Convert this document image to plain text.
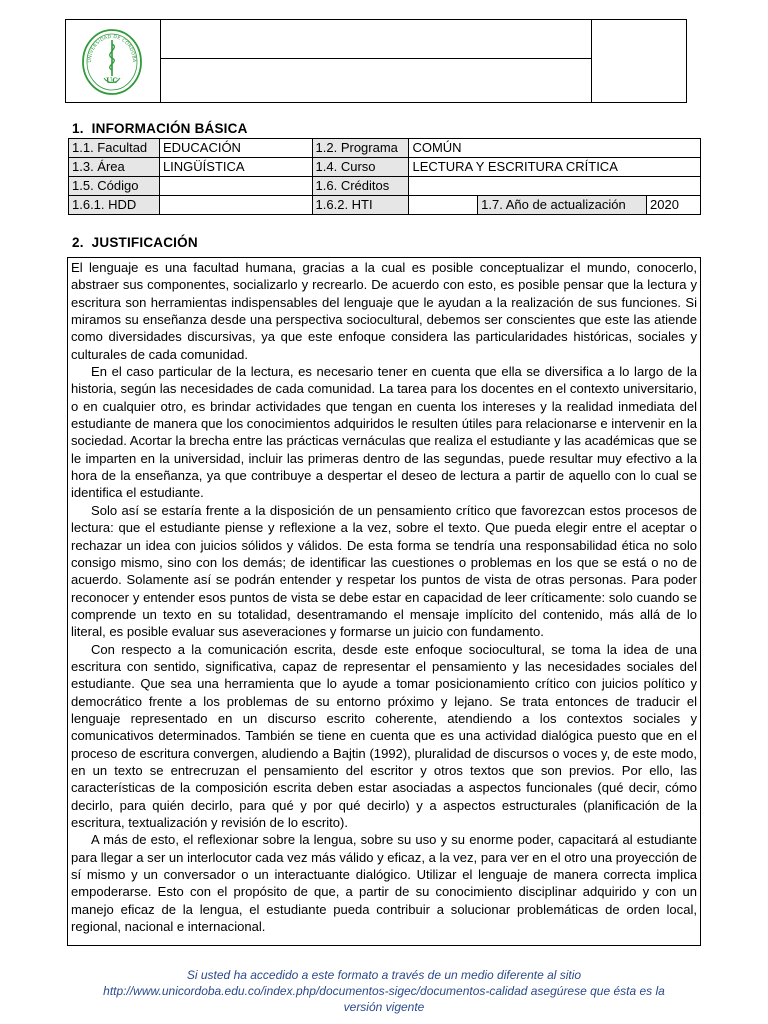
UNIVERSIDAD DE CÓRDOBA
UC
1. INFORMACIÓN BÁSICA
1.1. Facultad	EDUCACIÓN	1.2. Programa	COMÚN		
1.3. Área	LINGÜÍSTICA	1.4. Curso	LECTURA Y ESCRITURA CRÍTICA		
1.5. Código		1.6. Créditos			
1.6.1. HDD		1.6.2. HTI		1.7. Año de actualización	2020
2. JUSTIFICACIÓN

El lenguaje es una facultad humana, gracias a la cual es posible conceptualizar el mundo, conocerlo, abstraer sus componentes, socializarlo y recrearlo. De acuerdo con esto, es posible pensar que la lectura y escritura son herramientas indispensables del lenguaje que le ayudan a la realización de sus funciones. Si miramos su enseñanza desde una perspectiva sociocultural, debemos ser conscientes que este las atiende como diversidades discursivas, ya que este enfoque considera las particularidades históricas, sociales y culturales de cada comunidad.

En el caso particular de la lectura, es necesario tener en cuenta que ella se diversifica a lo largo de la historia, según las necesidades de cada comunidad. La tarea para los docentes en el contexto universitario, o en cualquier otro, es brindar actividades que tengan en cuenta los intereses y la realidad inmediata del estudiante de manera que los conocimientos adquiridos le resulten útiles para relacionarse e intervenir en la sociedad. Acortar la brecha entre las prácticas vernáculas que realiza el estudiante y las académicas que se le imparten en la universidad, incluir las primeras dentro de las segundas, puede resultar muy efectivo a la hora de la enseñanza, ya que contribuye a despertar el deseo de lectura a partir de aquello con lo cual se identifica el estudiante.

Solo así se estaría frente a la disposición de un pensamiento crítico que favorezcan estos procesos de lectura: que el estudiante piense y reflexione a la vez, sobre el texto. Que pueda elegir entre el aceptar o rechazar un idea con juicios sólidos y válidos. De esta forma se tendría una responsabilidad ética no solo consigo mismo, sino con los demás; de identificar las cuestiones o problemas en los que se está o no de acuerdo. Solamente así se podrán entender y respetar los puntos de vista de otras personas. Para poder reconocer y entender esos puntos de vista se debe estar en capacidad de leer críticamente: solo cuando se comprende un texto en su totalidad, desentramando el mensaje implícito del contenido, más allá de lo literal, es posible evaluar sus aseveraciones y formarse un juicio con fundamento.

Con respecto a la comunicación escrita, desde este enfoque sociocultural, se toma la idea de una escritura con sentido, significativa, capaz de representar el pensamiento y las necesidades sociales del estudiante. Que sea una herramienta que lo ayude a tomar posicionamiento crítico con juicios político y democrático frente a los problemas de su entorno próximo y lejano. Se trata entonces de traducir el lenguaje representado en un discurso escrito coherente, atendiendo a los contextos sociales y comunicativos determinados. También se tiene en cuenta que es una actividad dialógica puesto que en el proceso de escritura convergen, aludiendo a Bajtin (1992), pluralidad de discursos o voces y, de este modo, en un texto se entrecruzan el pensamiento del escritor y otros textos que son previos. Por ello, las características de la composición escrita deben estar asociadas a aspectos funcionales (qué decir, cómo decirlo, para quién decirlo, para qué y por qué decirlo) y a aspectos estructurales (planificación de la escritura, textualización y revisión de lo escrito).

A más de esto, el reflexionar sobre la lengua, sobre su uso y su enorme poder, capacitará al estudiante para llegar a ser un interlocutor cada vez más válido y eficaz, a la vez, para ver en el otro una proyección de sí mismo y un conversador o un interactuante dialógico. Utilizar el lenguaje de manera correcta implica empoderarse. Esto con el propósito de que, a partir de su conocimiento disciplinar adquirido y con un manejo eficaz de la lengua, el estudiante pueda contribuir a solucionar problemáticas de orden local, regional, nacional e internacional.

Si usted ha accedido a este formato a través de un medio diferente al sitio
http://www.unicordoba.edu.co/index.php/documentos-sigec/documentos-calidad asegúrese que ésta es la
versión vigente
